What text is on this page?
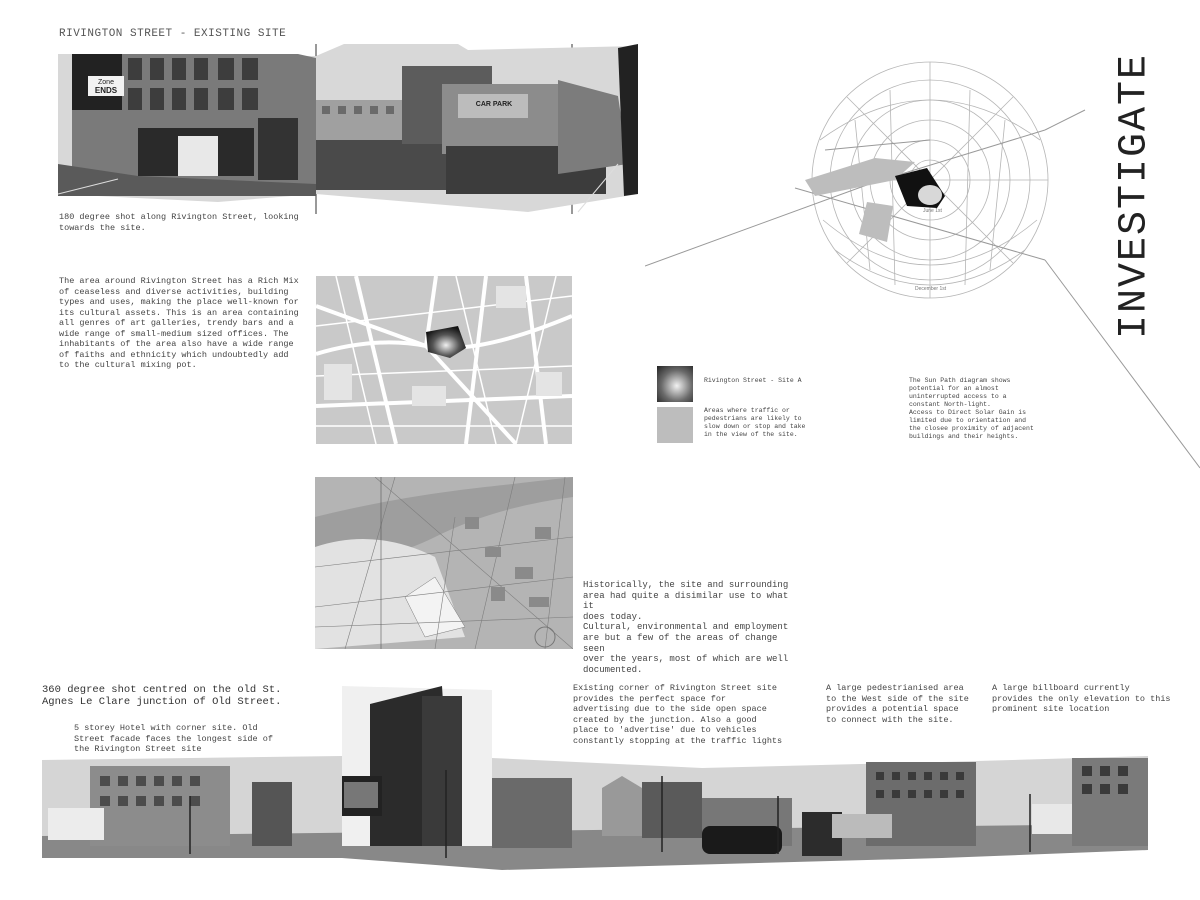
RIVINGTON STREET - EXISTING SITE
Zone
ENDS
CAR PARK
180 degree shot along Rivington Street, looking
towards the site.
The area around Rivington Street has a Rich Mix
of ceaseless and diverse activities, building
types and uses, making the place well-known for
its cultural assets. This is an area containing
all genres of art galleries, trendy bars and a
wide range of small-medium sized offices. The
inhabitants of the area also have a wide range
of faiths and ethnicity which undoubtedly add
to the cultural mixing pot.
December 1st
June 1st	INVESTIGATE
Rivington Street - Site A
Areas where traffic or
pedestrians are likely to
slow down or stop and take
in the view of the site.
The Sun Path diagram shows
potential for an almost
uninterrupted access to a
constant North-light.
Access to Direct Solar Gain is
limited due to orientation and
the closee proximity of adjacent
buildings and their heights.
Historically, the site and surrounding
area had quite a disimilar use to what it
does today.
Cultural, environmental and employment
are but a few of the areas of change seen
over the years, most of which are well
documented.
360 degree shot centred on the old St.
Agnes Le Clare junction of Old Street.
5 storey Hotel with corner site. Old
Street facade faces the longest side of
the Rivington Street site
Existing corner of Rivington Street site
provides the perfect space for
advertising due to the side open space
created by the junction. Also a good
place to 'advertise' due to vehicles
constantly stopping at the traffic lights
A large pedestrianised area
to the West side of the site
provides a potential space
to connect with the site.
A large billboard currently
provides the only elevation to this
prominent site location
